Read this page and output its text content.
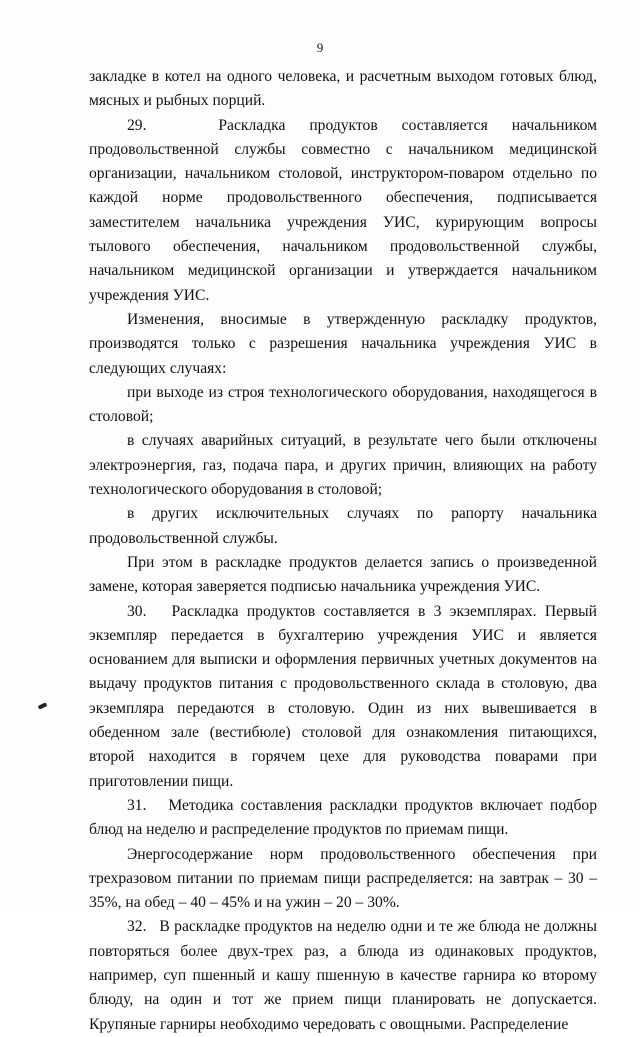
9

закладке в котел на одного человека, и расчетным выходом готовых блюд, мясных и рыбных порций.

29.   Раскладка продуктов составляется начальником продовольственной службы совместно с начальником медицинской организации, начальником столовой, инструктором-поваром отдельно по каждой норме продовольственного обеспечения, подписывается заместителем начальника учреждения УИС, курирующим вопросы тылового обеспечения, начальником продовольственной службы, начальником медицинской организации и утверждается начальником учреждения УИС.

Изменения, вносимые в утвержденную раскладку продуктов, производятся только с разрешения начальника учреждения УИС в следующих случаях:

при выходе из строя технологического оборудования, находящегося в столовой;

в случаях аварийных ситуаций, в результате чего были отключены электроэнергия, газ, подача пара, и других причин, влияющих на работу технологического оборудования в столовой;

в других исключительных случаях по рапорту начальника продовольственной службы.

При этом в раскладке продуктов делается запись о произведенной замене, которая заверяется подписью начальника учреждения УИС.

30.   Раскладка продуктов составляется в 3 экземплярах. Первый экземпляр передается в бухгалтерию учреждения УИС и является основанием для выписки и оформления первичных учетных документов на выдачу продуктов питания с продовольственного склада в столовую, два экземпляра передаются в столовую. Один из них вывешивается в обеденном зале (вестибюле) столовой для ознакомления питающихся, второй находится в горячем цехе для руководства поварами при приготовлении пищи.

31.   Методика составления раскладки продуктов включает подбор блюд на неделю и распределение продуктов по приемам пищи.

Энергосодержание норм продовольственного обеспечения при трехразовом питании по приемам пищи распределяется: на завтрак – 30 – 35%, на обед – 40 – 45% и на ужин – 20 – 30%.

32.   В раскладке продуктов на неделю одни и те же блюда не должны повторяться более двух-трех раз, а блюда из одинаковых продуктов, например, суп пшенный и кашу пшенную в качестве гарнира ко второму блюду, на один и тот же прием пищи планировать не допускается. Крупяные гарниры необходимо чередовать с овощными. Распределение
